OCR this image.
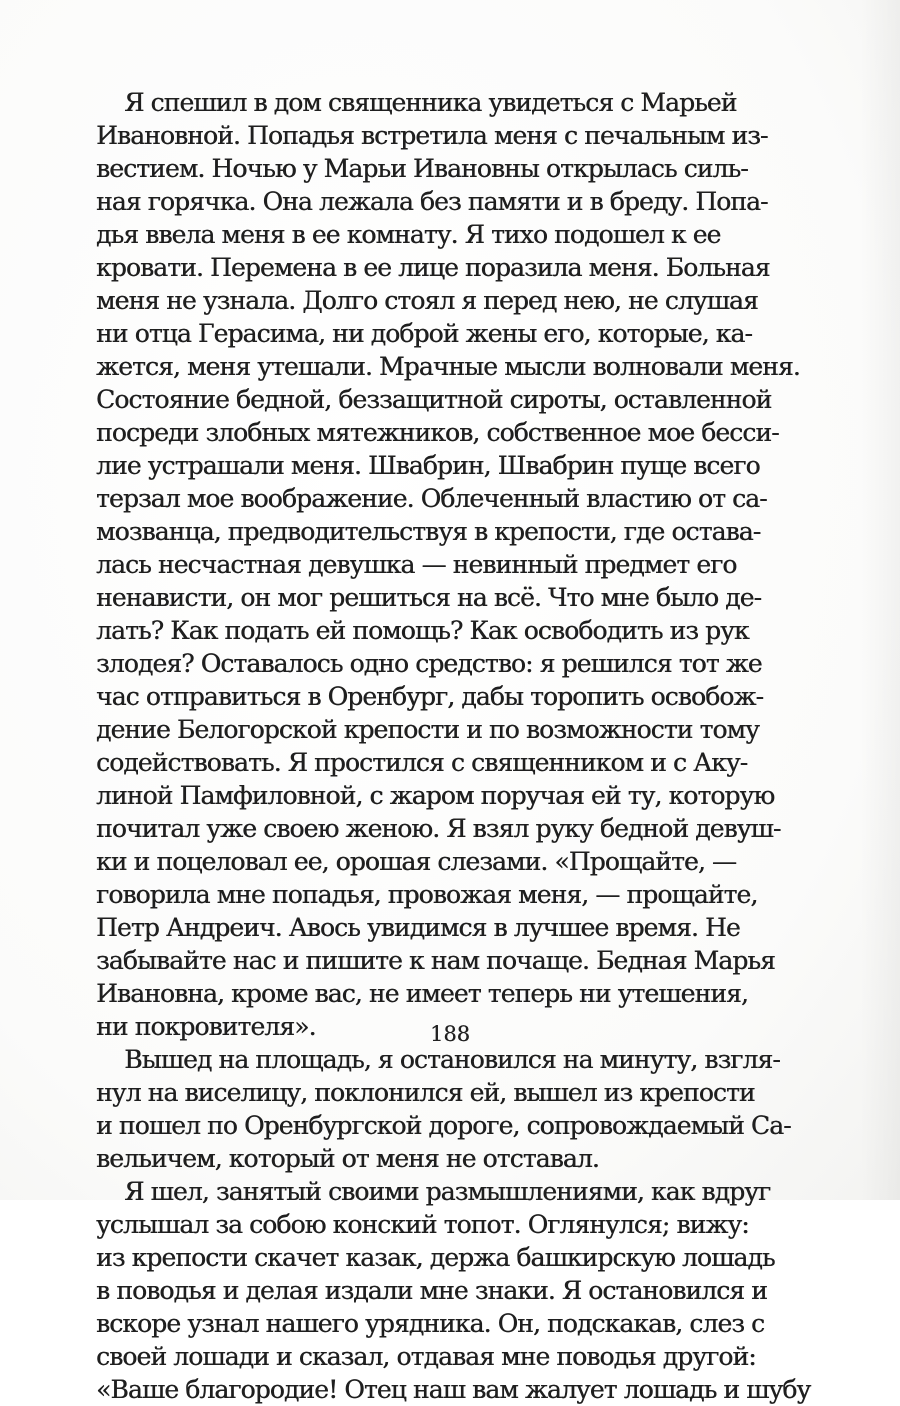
Я спешил в дом священника увидеться с Марьей
Ивановной. Попадья встретила меня с печальным из-
вестием. Ночью у Марьи Ивановны открылась силь-
ная горячка. Она лежала без памяти и в бреду. Попа-
дья ввела меня в ее комнату. Я тихо подошел к ее
кровати. Перемена в ее лице поразила меня. Больная
меня не узнала. Долго стоял я перед нею, не слушая
ни отца Герасима, ни доброй жены его, которые, ка-
жется, меня утешали. Мрачные мысли волновали меня.
Состояние бедной, беззащитной сироты, оставленной
посреди злобных мятежников, собственное мое бесси-
лие устрашали меня. Швабрин, Швабрин пуще всего
терзал мое воображение. Облеченный властию от са-
мозванца, предводительствуя в крепости, где остава-
лась несчастная девушка — невинный предмет его
ненависти, он мог решиться на всё. Что мне было де-
лать? Как подать ей помощь? Как освободить из рук
злодея? Оставалось одно средство: я решился тот же
час отправиться в Оренбург, дабы торопить освобож-
дение Белогорской крепости и по возможности тому
содействовать. Я простился с священником и с Аку-
линой Памфиловной, с жаром поручая ей ту, которую
почитал уже своею женою. Я взял руку бедной девуш-
ки и поцеловал ее, орошая слезами. «Прощайте, —
говорила мне попадья, провожая меня, — прощайте,
Петр Андреич. Авось увидимся в лучшее время. Не
забывайте нас и пишите к нам почаще. Бедная Марья
Ивановна, кроме вас, не имеет теперь ни утешения,
ни покровителя».

Вышед на площадь, я остановился на минуту, взгля-
нул на виселицу, поклонился ей, вышел из крепости
и пошел по Оренбургской дороге, сопровождаемый Са-
вельичем, который от меня не отставал.

Я шел, занятый своими размышлениями, как вдруг
услышал за собою конский топот. Оглянулся; вижу:
из крепости скачет казак, держа башкирскую лошадь
в поводья и делая издали мне знаки. Я остановился и
вскоре узнал нашего урядника. Он, подскакав, слез с
своей лошади и сказал, отдавая мне поводья другой:
«Ваше благородие! Отец наш вам жалует лошадь и шубу

188
